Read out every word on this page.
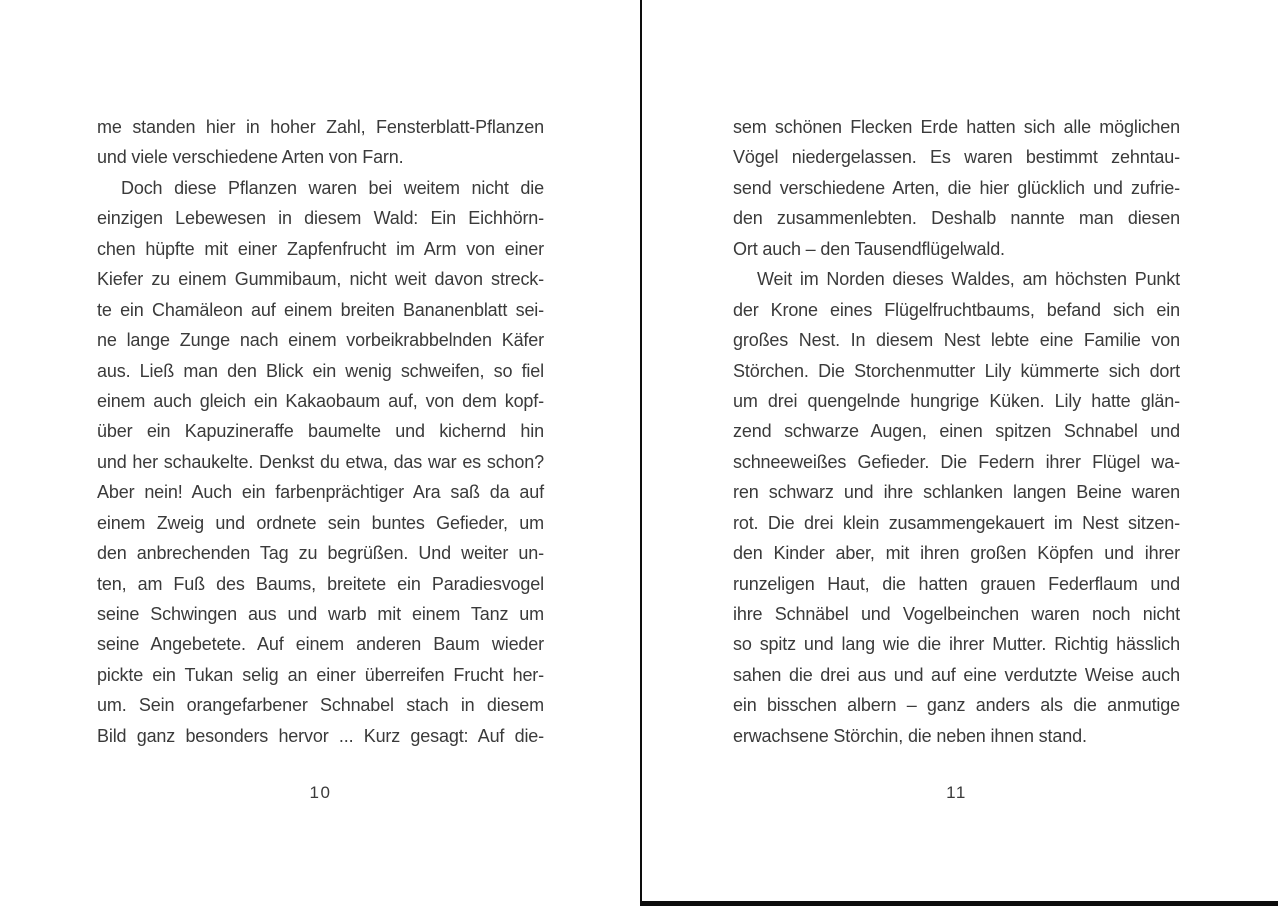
me standen hier in hoher Zahl, Fensterblatt-Pflanzen
und viele verschiedene Arten von Farn.
Doch diese Pflanzen waren bei weitem nicht die
einzigen Lebewesen in diesem Wald: Ein Eichhörn-
chen hüpfte mit einer Zapfenfrucht im Arm von einer
Kiefer zu einem Gummibaum, nicht weit davon streck-
te ein Chamäleon auf einem breiten Bananenblatt sei-
ne lange Zunge nach einem vorbeikrabbelnden Käfer
aus. Ließ man den Blick ein wenig schweifen, so fiel
einem auch gleich ein Kakaobaum auf, von dem kopf-
über ein Kapuzineraffe baumelte und kichernd hin
und her schaukelte. Denkst du etwa, das war es schon?
Aber nein! Auch ein farbenprächtiger Ara saß da auf
einem Zweig und ordnete sein buntes Gefieder, um
den anbrechenden Tag zu begrüßen. Und weiter un-
ten, am Fuß des Baums, breitete ein Paradiesvogel
seine Schwingen aus und warb mit einem Tanz um
seine Angebetete. Auf einem anderen Baum wieder
pickte ein Tukan selig an einer überreifen Frucht her-
um. Sein orangefarbener Schnabel stach in diesem
Bild ganz besonders hervor ... Kurz gesagt: Auf die-
sem schönen Flecken Erde hatten sich alle möglichen
Vögel niedergelassen. Es waren bestimmt zehntau-
send verschiedene Arten, die hier glücklich und zufrie-
den zusammenlebten. Deshalb nannte man diesen
Ort auch – den Tausendflügelwald.
Weit im Norden dieses Waldes, am höchsten Punkt
der Krone eines Flügelfruchtbaums, befand sich ein
großes Nest. In diesem Nest lebte eine Familie von
Störchen. Die Storchenmutter Lily kümmerte sich dort
um drei quengelnde hungrige Küken. Lily hatte glän-
zend schwarze Augen, einen spitzen Schnabel und
schneeweißes Gefieder. Die Federn ihrer Flügel wa-
ren schwarz und ihre schlanken langen Beine waren
rot. Die drei klein zusammengekauert im Nest sitzen-
den Kinder aber, mit ihren großen Köpfen und ihrer
runzeligen Haut, die hatten grauen Federflaum und
ihre Schnäbel und Vogelbeinchen waren noch nicht
so spitz und lang wie die ihrer Mutter. Richtig hässlich
sahen die drei aus und auf eine verdutzte Weise auch
ein bisschen albern – ganz anders als die anmutige
erwachsene Störchin, die neben ihnen stand.
10	11
